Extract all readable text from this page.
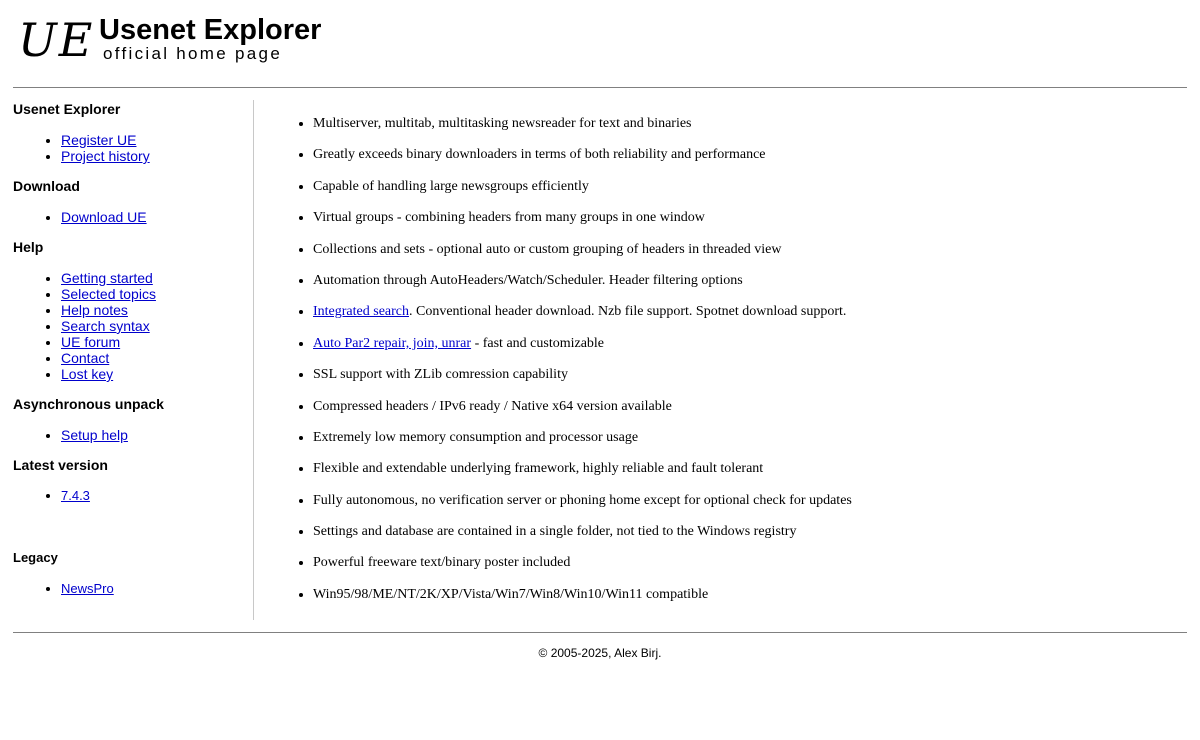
UE Usenet Explorer
official home page
Usenet Explorer
• Register UE
• Project history
Download
• Download UE
Help
• Getting started
• Selected topics
• Help notes
• Search syntax
• UE forum
• Contact
• Lost key
Asynchronous unpack
• Setup help
Latest version
• 7.4.3
Legacy
• NewsPro
• Multiserver, multitab, multitasking newsreader for text and binaries
• Greatly exceeds binary downloaders in terms of both reliability and performance
• Capable of handling large newsgroups efficiently
• Virtual groups - combining headers from many groups in one window
• Collections and sets - optional auto or custom grouping of headers in threaded view
• Automation through AutoHeaders/Watch/Scheduler. Header filtering options
• Integrated search. Conventional header download. Nzb file support. Spotnet download support.
• Auto Par2 repair, join, unrar - fast and customizable
• SSL support with ZLib comression capability
• Compressed headers / IPv6 ready / Native x64 version available
• Extremely low memory consumption and processor usage
• Flexible and extendable underlying framework, highly reliable and fault tolerant
• Fully autonomous, no verification server or phoning home except for optional check for updates
• Settings and database are contained in a single folder, not tied to the Windows registry
• Powerful freeware text/binary poster included
• Win95/98/ME/NT/2K/XP/Vista/Win7/Win8/Win10/Win11 compatible
© 2005-2025, Alex Birj.
